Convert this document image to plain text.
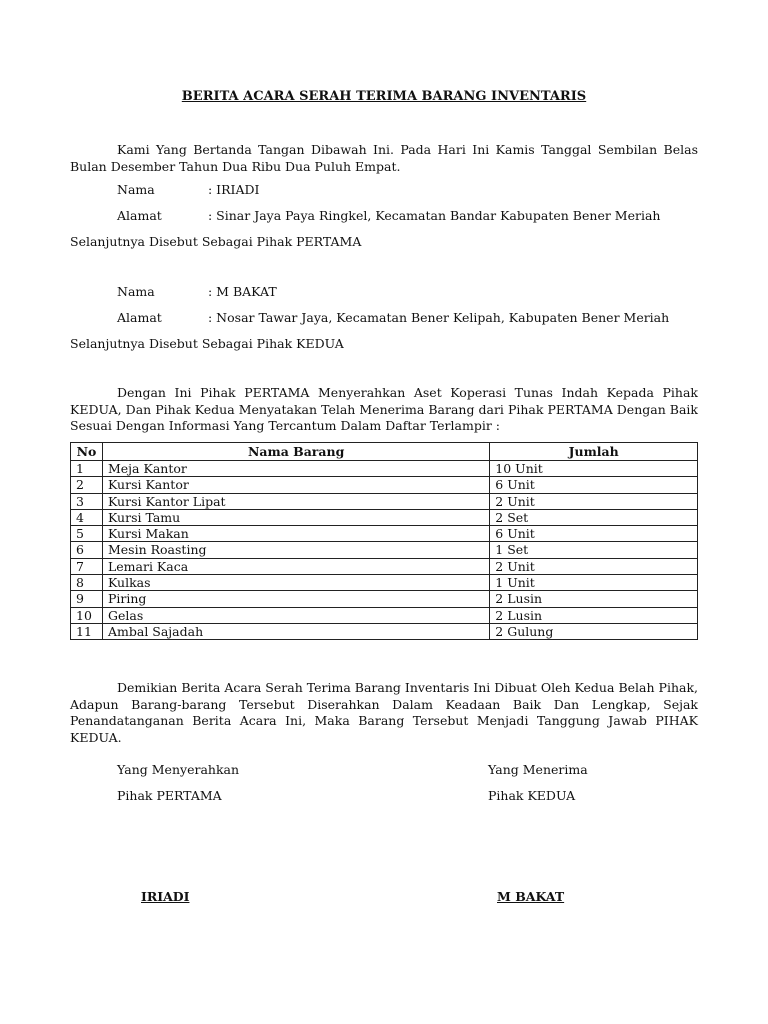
BERITA ACARA SERAH TERIMA BARANG INVENTARIS
Kami Yang Bertanda Tangan Dibawah Ini. Pada Hari Ini Kamis Tanggal Sembilan Belas Bulan Desember Tahun Dua Ribu Dua Puluh Empat.
Nama	: IRIADI
Alamat	: Sinar Jaya Paya Ringkel, Kecamatan Bandar Kabupaten Bener Meriah
Selanjutnya Disebut Sebagai Pihak PERTAMA
Nama	: M BAKAT
Alamat	: Nosar Tawar Jaya, Kecamatan Bener Kelipah, Kabupaten Bener Meriah
Selanjutnya Disebut Sebagai Pihak KEDUA
Dengan Ini Pihak PERTAMA Menyerahkan Aset Koperasi Tunas Indah Kepada Pihak KEDUA, Dan Pihak Kedua Menyatakan Telah Menerima Barang dari Pihak PERTAMA Dengan Baik Sesuai Dengan Informasi Yang Tercantum Dalam Daftar Terlampir :
No	Nama Barang	Jumlah
1	Meja Kantor	10 Unit
2	Kursi Kantor	6 Unit
3	Kursi Kantor Lipat	2 Unit
4	Kursi Tamu	2 Set
5	Kursi Makan	6 Unit
6	Mesin Roasting	1 Set
7	Lemari Kaca	2 Unit
8	Kulkas	1 Unit
9	Piring	2 Lusin
10	Gelas	2 Lusin
11	Ambal Sajadah	2 Gulung
Demikian Berita Acara Serah Terima Barang Inventaris Ini Dibuat Oleh Kedua Belah Pihak, Adapun Barang-barang Tersebut Diserahkan Dalam Keadaan Baik Dan Lengkap, Sejak Penandatanganan Berita Acara Ini, Maka Barang Tersebut Menjadi Tanggung Jawab PIHAK KEDUA.
Yang Menyerahkan	Yang Menerima
Pihak PERTAMA	Pihak KEDUA
IRIADI	M BAKAT
